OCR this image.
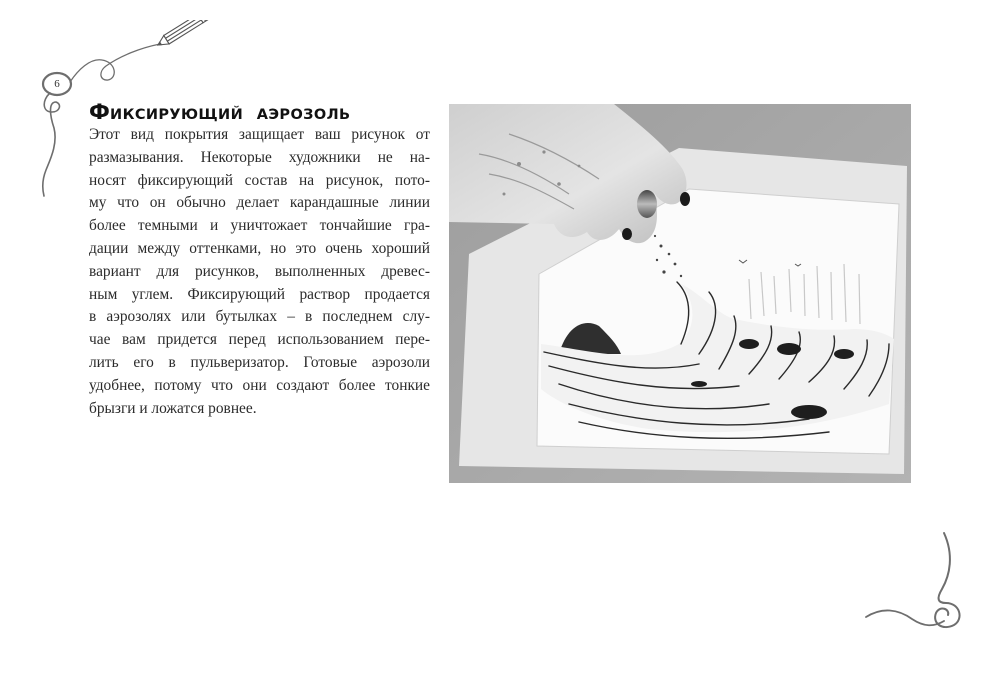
6
ФИКСИРУЮЩИЙ АЭРОЗОЛЬ
Этот вид покрытия защищает ваш рисунок от
размазывания. Некоторые художники не на-
носят фиксирующий состав на рисунок, пото-
му что он обычно делает карандашные линии
более темными и уничтожает тончайшие гра-
дации между оттенками, но это очень хороший
вариант для рисунков, выполненных древес-
ным углем. Фиксирующий раствор продается
в аэрозолях или бутылках – в последнем слу-
чае вам придется перед использованием пере-
лить его в пульверизатор. Готовые аэрозоли
удобнее, потому что они создают более тонкие
брызги и ложатся ровнее.
